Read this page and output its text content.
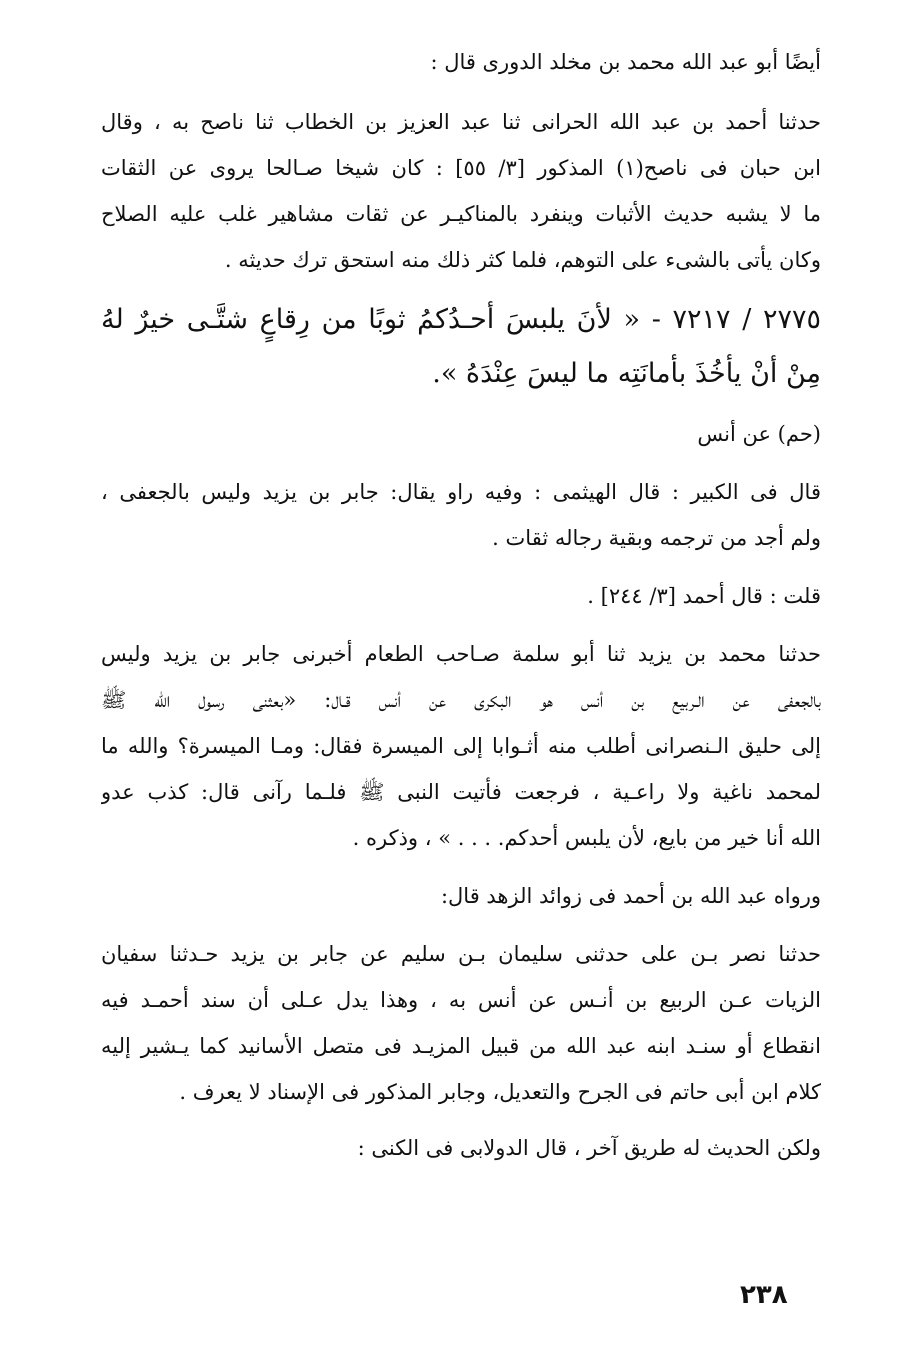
أيضًا أبو عبد الله محمد بن مخلد الدورى قال :
حدثنا أحمد بن عبد الله الحرانى ثنا عبد العزيز بن الخطاب ثنا ناصح به ، وقال
ابن حبان فى ناصح(١) المذكور [٣/ ٥٥] : كان شيخا صـالحا يروى عن الثقات
ما لا يشبه حديث الأثبات وينفرد بالمناكيـر عن ثقات مشاهير غلب عليه الصلاح
وكان يأتى بالشىء على التوهم، فلما كثر ذلك منه استحق ترك حديثه .
٢٧٧٥ / ٧٢١٧ - « لأنَ يلبسَ أحـدُكمُ ثوبًا من رِقاعٍ شتَّـى خيرٌ لهُ
مِنْ أنْ يأخُذَ بأمانَتِه ما ليسَ عِنْدَهُ ».
(حم) عن أنس
قال فى الكبير : قال الهيثمى : وفيه راو يقال: جابر بن يزيد وليس بالجعفى ،
ولم أجد من ترجمه وبقية رجاله ثقات .
قلت : قال أحمد [٣/ ٢٤٤] .
حدثنا محمد بن يزيد ثنا أبو سلمة صـاحب الطعام أخبرنى جابر بن يزيد وليس
بالجعفى عن الـربيع بن أنس هو البكرى عن أنس قـال: «بعثنى رسول الله ﷺ
إلى حليق الـنصرانى أطلب منه أثـوابا إلى الميسرة فقال: ومـا الميسرة؟ والله ما
لمحمد ناغية ولا راعـية ، فرجعت فأتيت النبى ﷺ فلـما رآنى قال: كذب عدو
الله أنا خير من بايع، لأن يلبس أحدكم. . . . » ، وذكره .
ورواه عبد الله بن أحمد فى زوائد الزهد قال:
حدثنا نصر بـن على حدثنى سليمان بـن سليم عن جابر بن يزيد حـدثنا سفيان
الزيات عـن الربيع بن أنـس عن أنس به ، وهذا يدل عـلى أن سند أحمـد فيه
انقطاع أو سنـد ابنه عبد الله من قبيل المزيـد فى متصل الأسانيد كما يـشير إليه
كلام ابن أبى حاتم فى الجرح والتعديل، وجابر المذكور فى الإسناد لا يعرف .
ولكن الحديث له طريق آخر ، قال الدولابى فى الكنى :
٢٣٨
